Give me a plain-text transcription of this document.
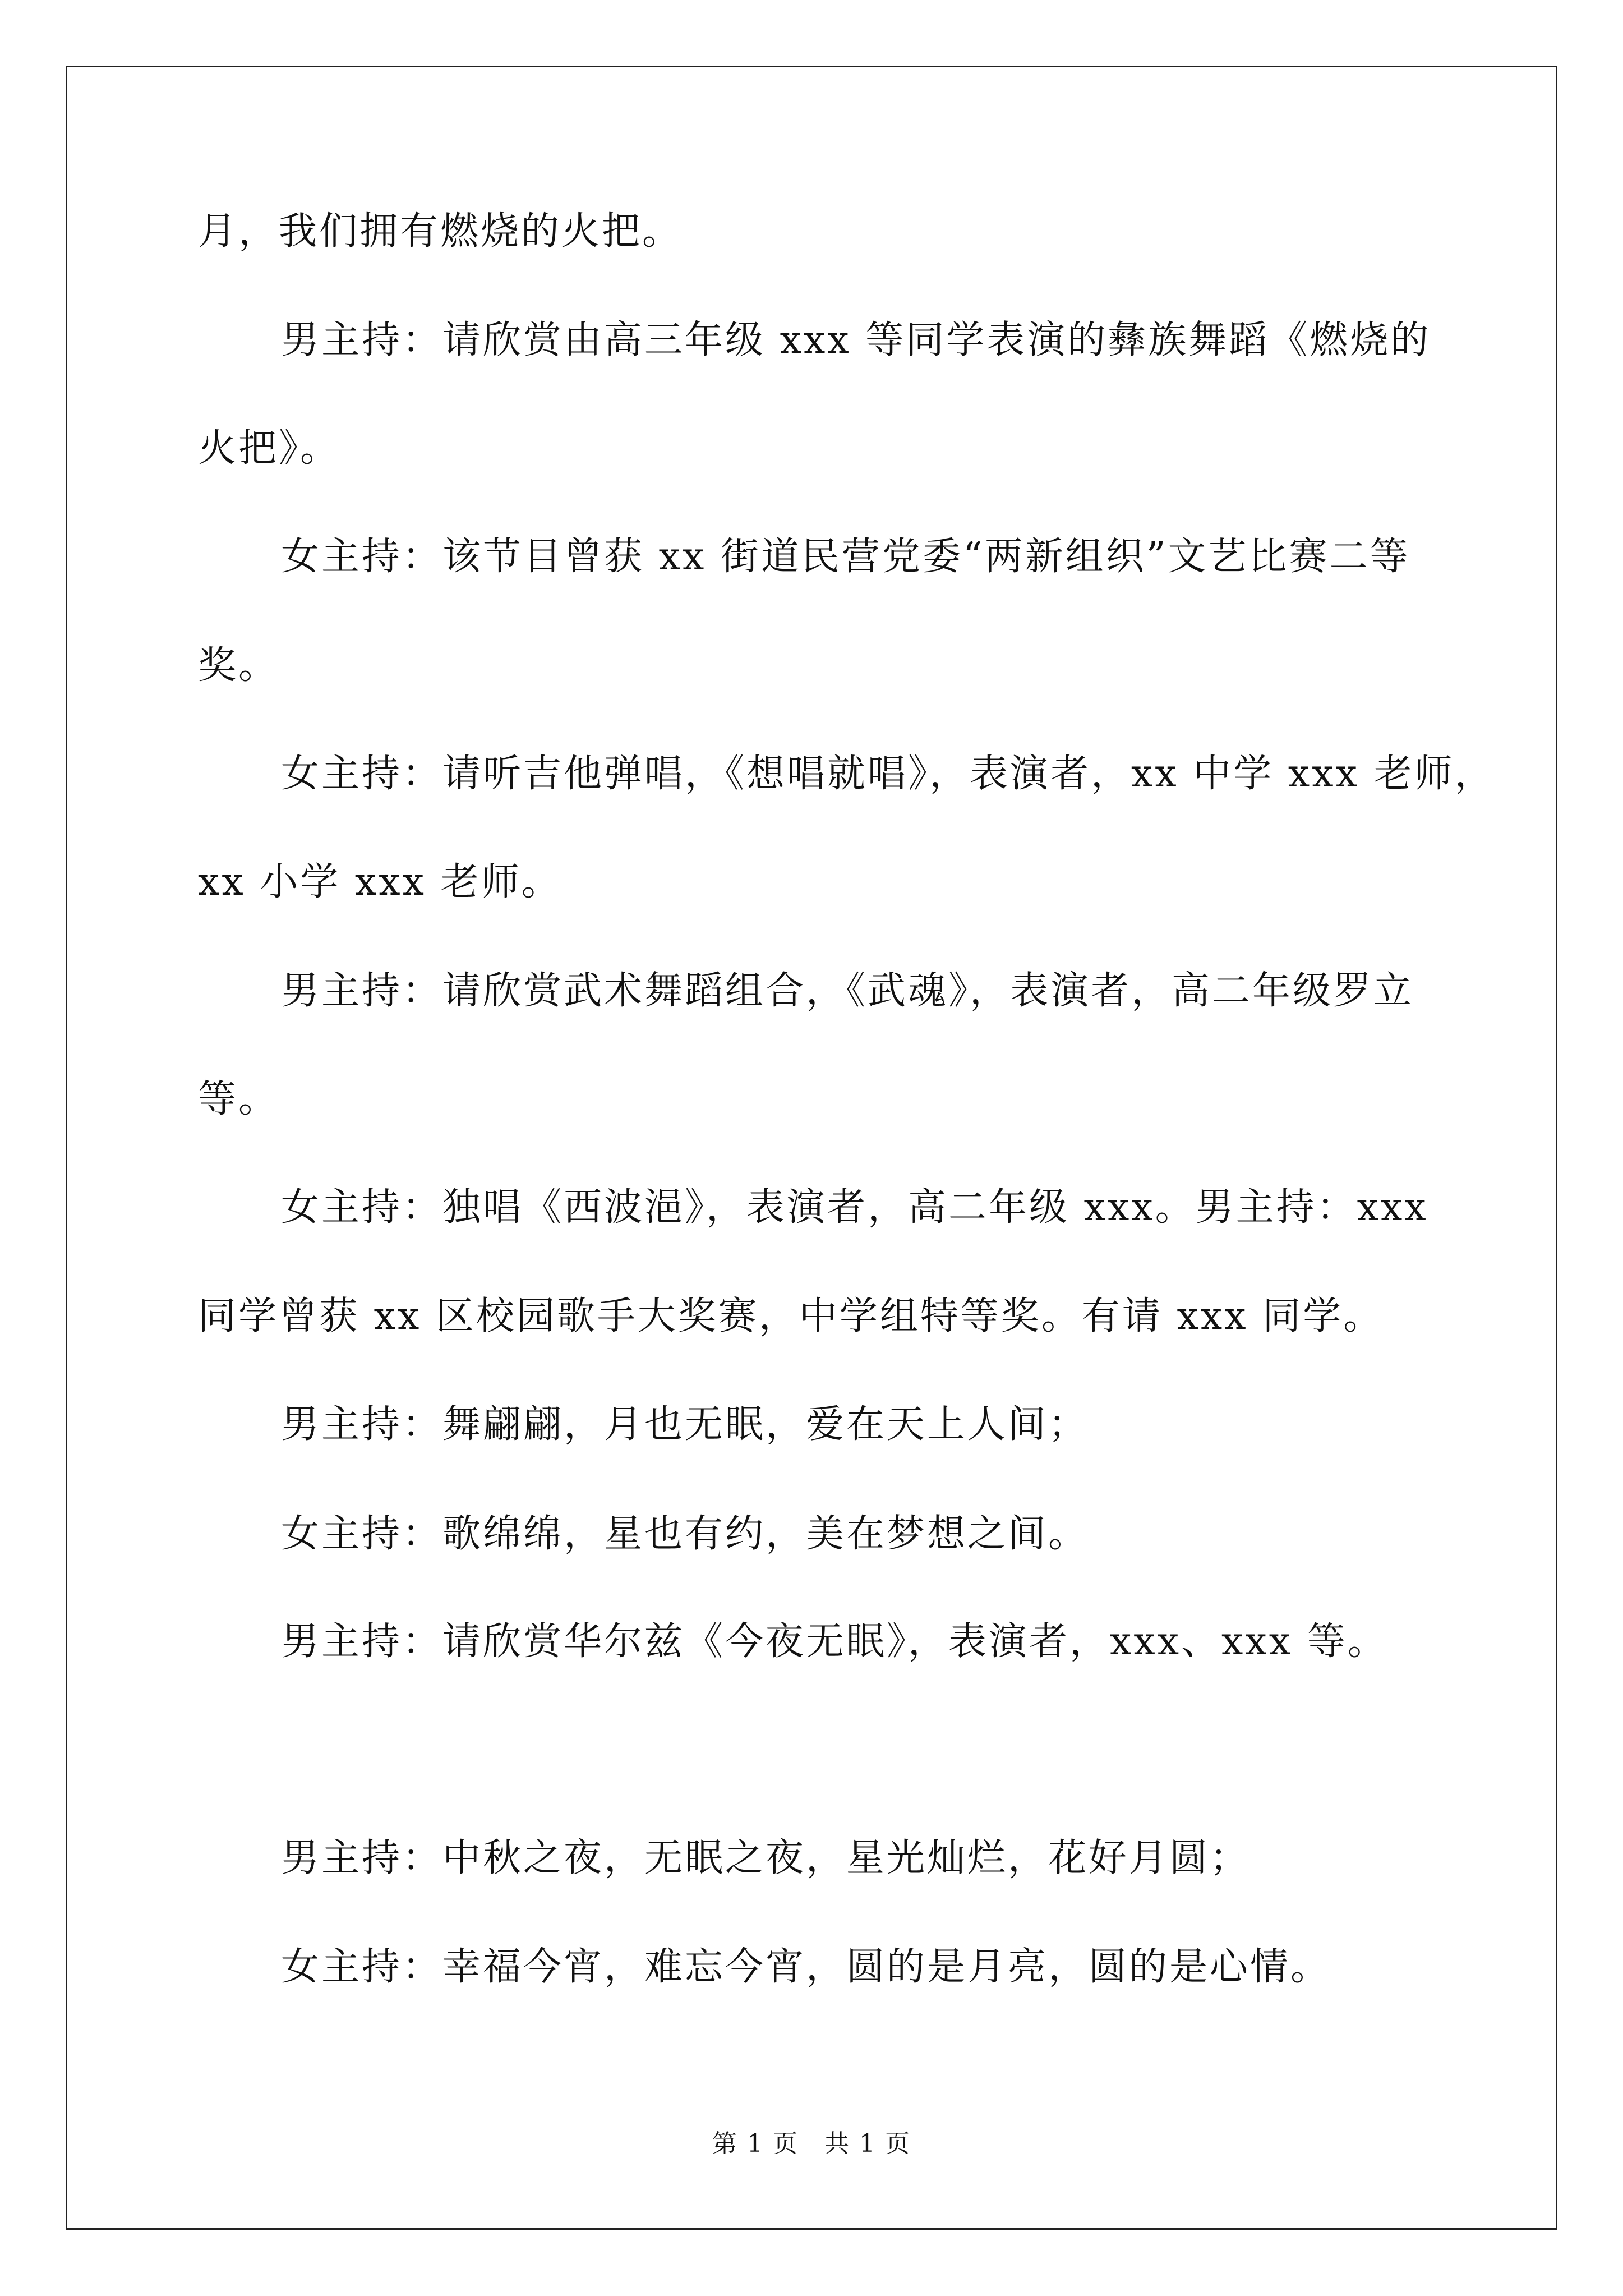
月，我们拥有燃烧的火把。
男主持：请欣赏由高三年级 xxx 等同学表演的彝族舞蹈《燃烧的
火把》。
女主持：该节目曾获 xx 街道民营党委“两新组织”文艺比赛二等
奖。
女主持：请听吉他弹唱，《想唱就唱》，表演者，xx 中学 xxx 老师，
xx 小学 xxx 老师。
男主持：请欣赏武术舞蹈组合，《武魂》，表演者，高二年级罗立
等。
女主持：独唱《西波浥》，表演者，高二年级 xxx。男主持：xxx
同学曾获 xx 区校园歌手大奖赛，中学组特等奖。有请 xxx 同学。
男主持：舞翩翩，月也无眠，爱在天上人间；
女主持：歌绵绵，星也有约，美在梦想之间。
男主持：请欣赏华尔兹《今夜无眠》，表演者，xxx、xxx 等。
男主持：中秋之夜，无眠之夜，星光灿烂，花好月圆；
女主持：幸福今宵，难忘今宵，圆的是月亮，圆的是心情。
第 1 页　共 1 页
